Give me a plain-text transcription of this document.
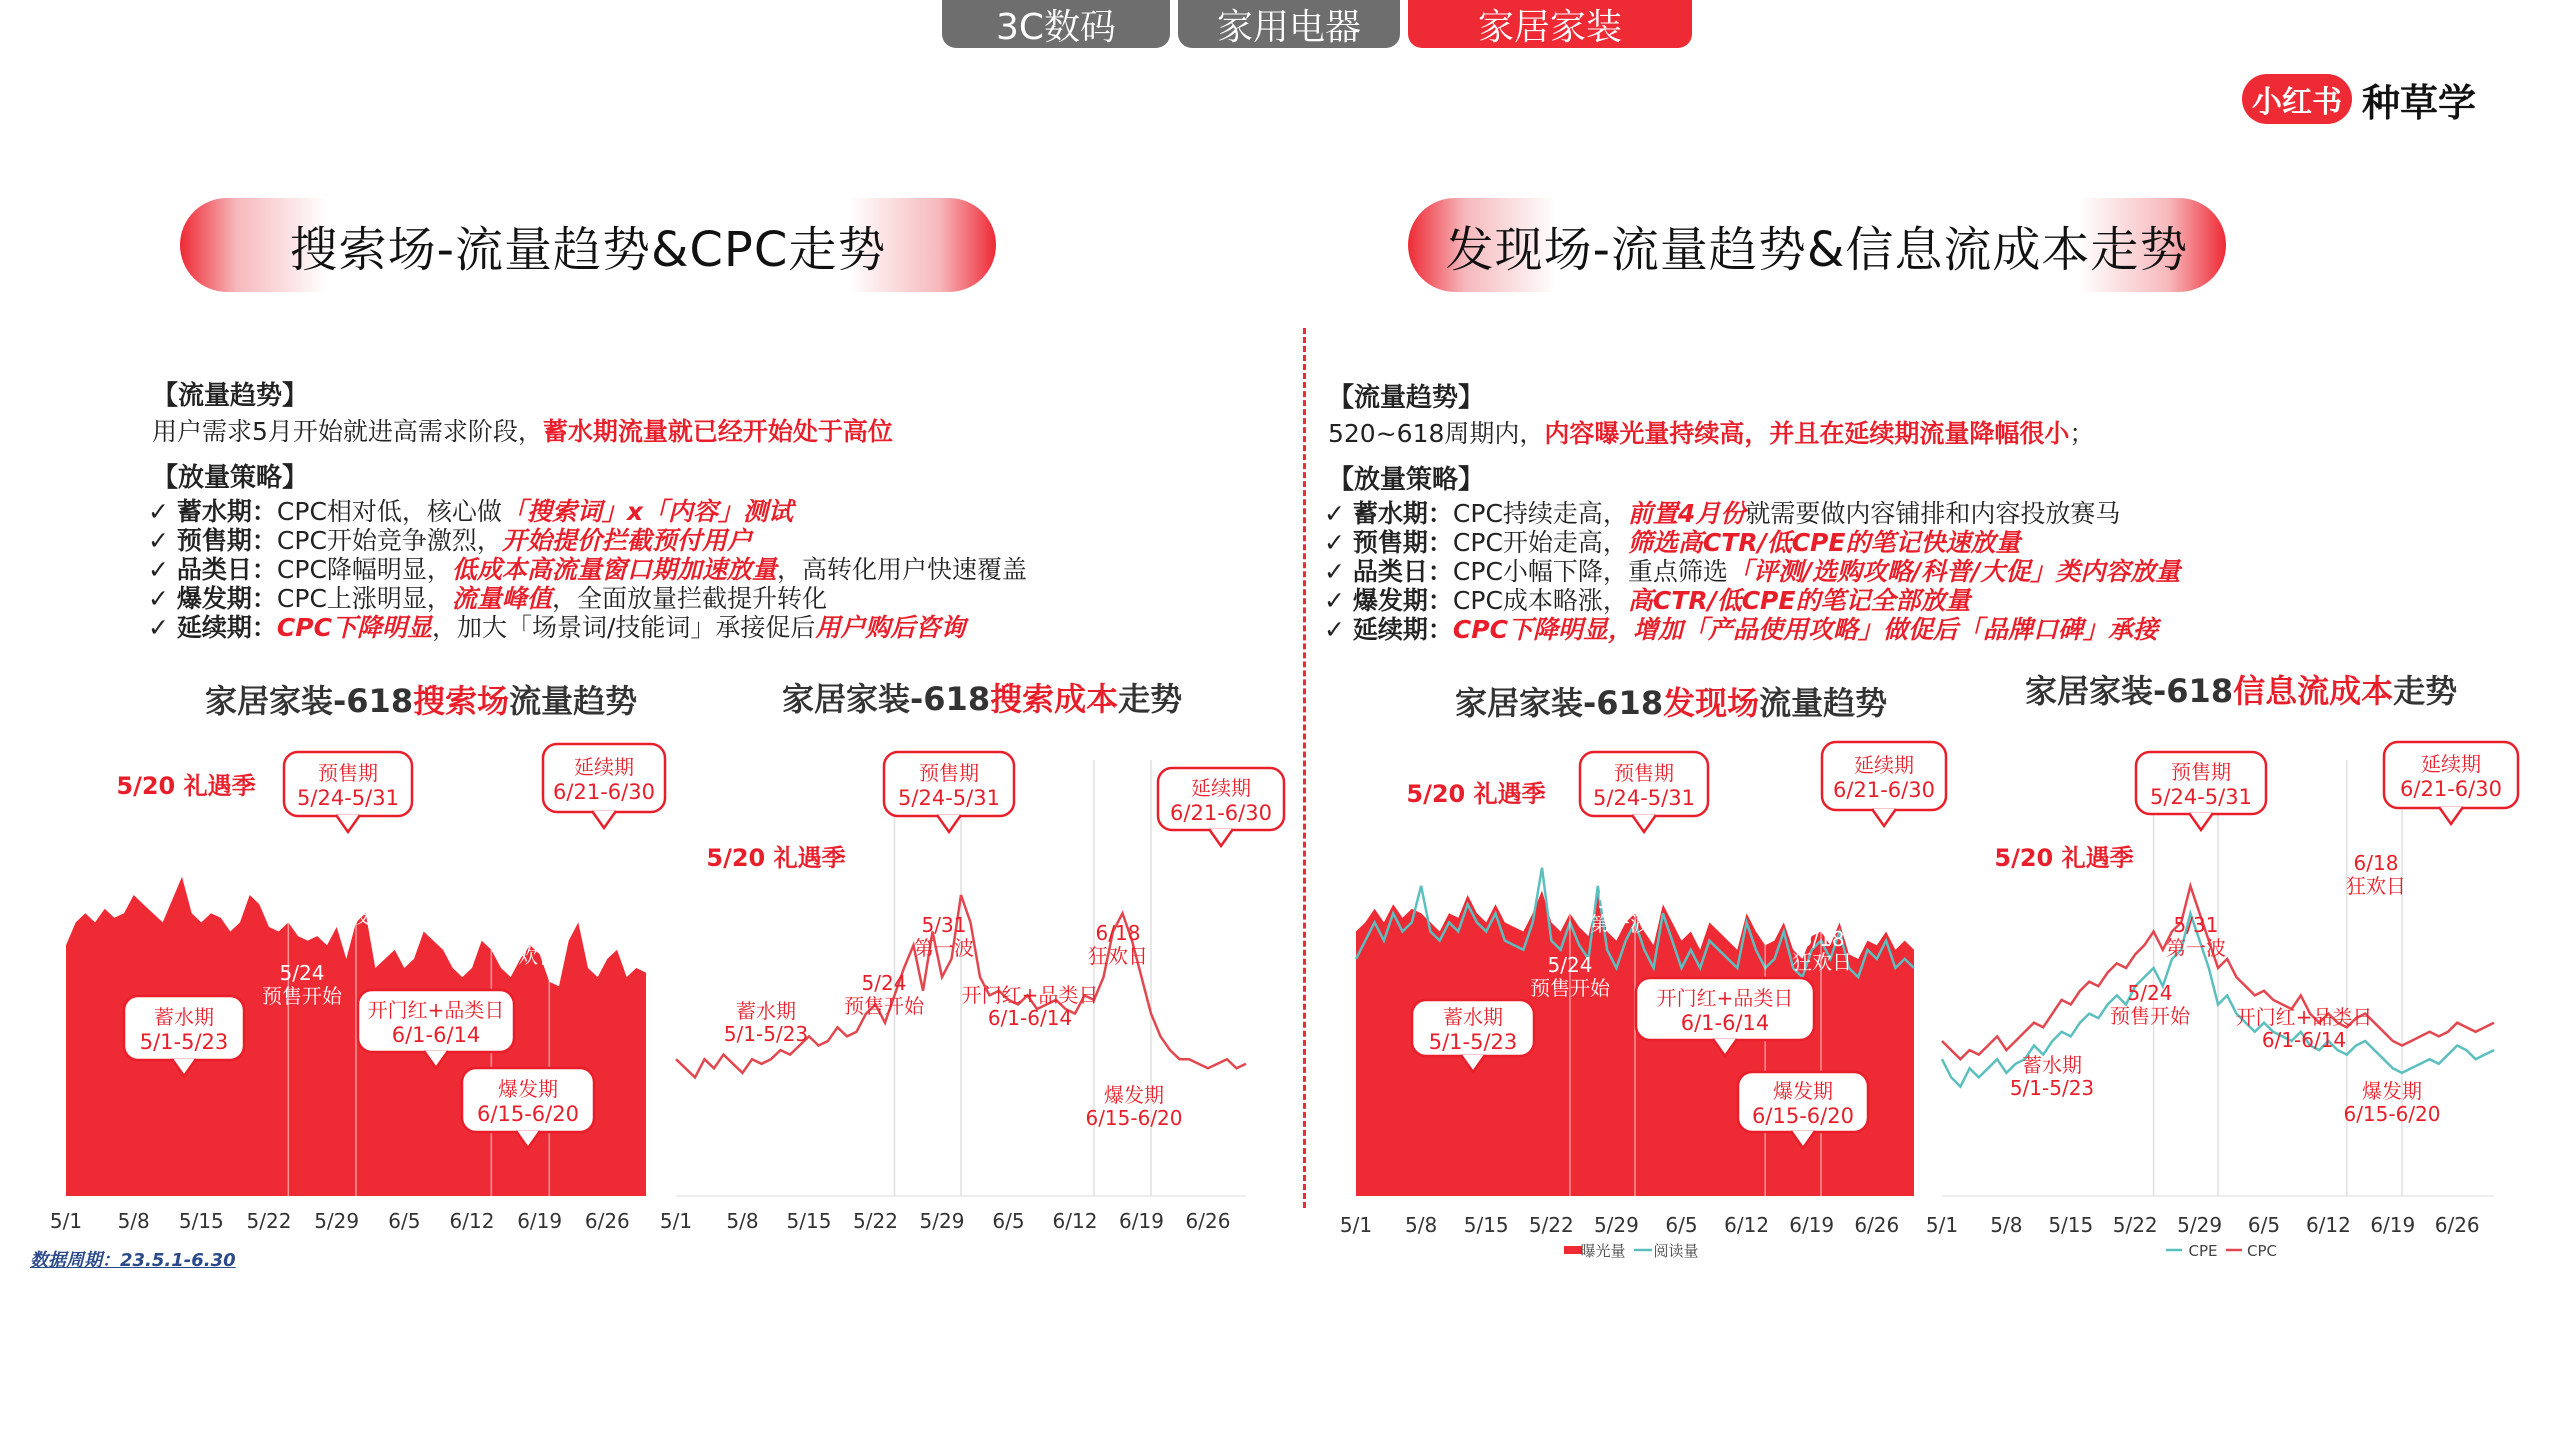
3C数码	家用电器	家居家装
小红书 种草学
搜索场-流量趋势&CPC走势	发现场-流量趋势&信息流成本走势
【流量趋势】
用户需求5月开始就进高需求阶段，蓄水期流量就已经开始处于高位
【放量策略】
✓ 蓄水期：CPC相对低，核心做「搜索词」x「内容」测试
✓ 预售期：CPC开始竞争激烈，开始提价拦截预付用户
✓ 品类日：CPC降幅明显，低成本高流量窗口期加速放量，高转化用户快速覆盖
✓ 爆发期：CPC上涨明显，流量峰值，全面放量拦截提升转化
✓ 延续期：CPC下降明显，加大「场景词/技能词」承接促后用户购后咨询
【流量趋势】
520~618周期内，内容曝光量持续高，并且在延续期流量降幅很小；
【放量策略】
✓ 蓄水期：CPC持续走高，前置4月份就需要做内容铺排和内容投放赛马
✓ 预售期：CPC开始走高，筛选高CTR/低CPE的笔记快速放量
✓ 品类日：CPC小幅下降，重点筛选「评测/选购攻略/科普/大促」类内容放量
✓ 爆发期：CPC成本略涨，高CTR/低CPE的笔记全部放量
✓ 延续期：CPC下降明显，增加「产品使用攻略」做促后「品牌口碑」承接
家居家装-618搜索场流量趋势	家居家装-618搜索成本走势	家居家装-618发现场流量趋势	家居家装-618信息流成本走势
5/1 5/8 5/15 5/22 5/29 6/5 6/12 6/19 6/26 5/1 5/8 5/15 5/22 5/29 6/5 6/12 6/19 6/26	5/1 5/8 5/15 5/22 5/29 6/5 6/12 6/19 6/26
曝光量 阅读量
5/1 5/8 5/15 5/22 5/29 6/5 6/12 6/19 6/26
CPE CPC
5/20 礼遇季	预售期
5/24-5/31
延续期
6/21-6/30
蓄水期
5/1-5/23
开门红+品类日
6/1-6/14
爆发期
6/15-6/20
5/31 第一波
5/24 预售开始
6/18 狂欢日
5/20 礼遇季
预售期
5/24-5/31	延续期
6/21-6/30
5/31 第一波
5/24 预售开始
6/18 狂欢日
蓄水期 5/1-5/23
开门红+品类日 6/1-6/14
爆发期 6/15-6/20
5/20 礼遇季
预售期
5/24-5/31
延续期
6/21-6/30
蓄水期
5/1-5/23
开门红+品类日
6/1-6/14
爆发期
6/15-6/20
5/31 第一波
5/24 预售开始
6/18 狂欢日
5/20 礼遇季
预售期
5/24-5/31
延续期
6/21-6/30
6/18 狂欢日
5/31 第一波
5/24 预售开始 开门红+品类日 6/1-6/14
蓄水期 5/1-5/23	爆发期 6/15-6/20
数据周期：23.5.1-6.30
